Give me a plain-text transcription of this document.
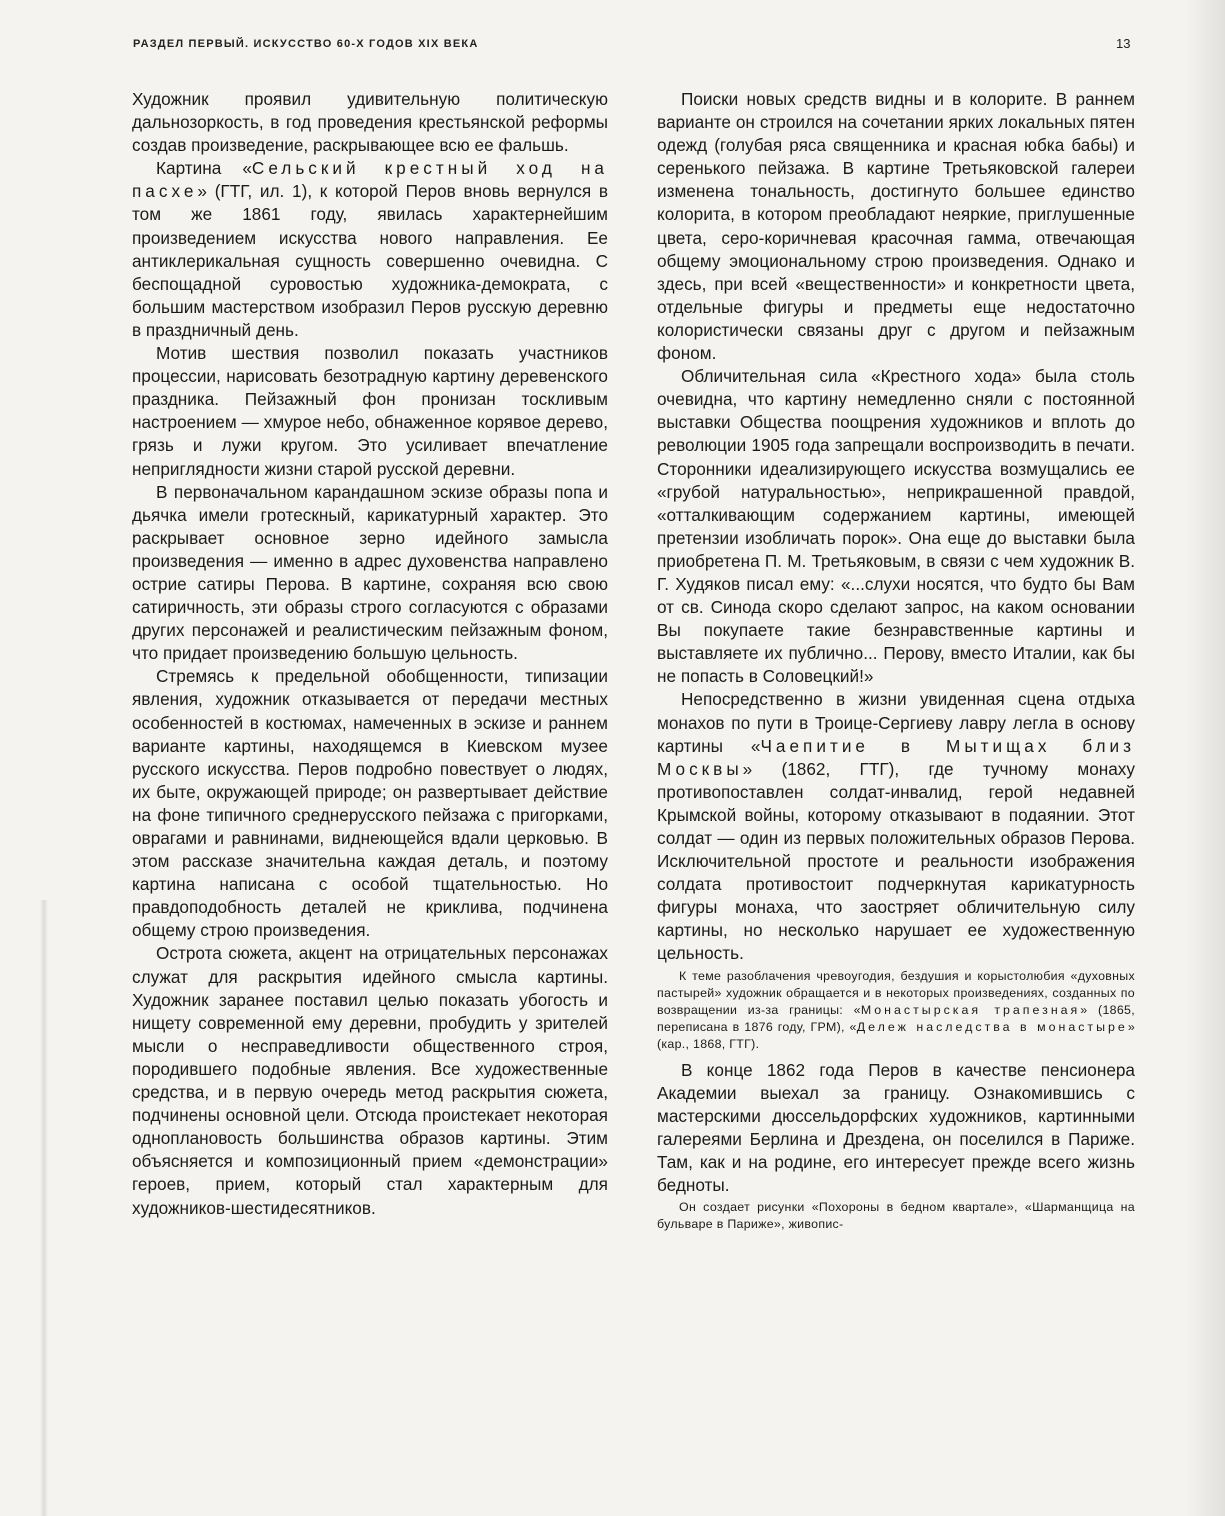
РАЗДЕЛ ПЕРВЫЙ. ИСКУССТВО 60-Х ГОДОВ XIX ВЕКА	13

Художник проявил удивительную политическую дальнозоркость, в год проведения крестьянской реформы создав произведение, раскрывающее всю ее фальшь.

Картина «Сельский крестный ход на пасхе» (ГТГ, ил. 1), к которой Перов вновь вернулся в том же 1861 году, явилась характернейшим произведением искусства нового направления. Ее антиклерикальная сущность совершенно очевидна. С беспощадной суровостью художника-демократа, с большим мастерством изобразил Перов русскую деревню в праздничный день.

Мотив шествия позволил показать участников процессии, нарисовать безотрадную картину деревенского праздника. Пейзажный фон пронизан тоскливым настроением — хмурое небо, обнаженное корявое дерево, грязь и лужи кругом. Это усиливает впечатление неприглядности жизни старой русской деревни.

В первоначальном карандашном эскизе образы попа и дьячка имели гротескный, карикатурный характер. Это раскрывает основное зерно идейного замысла произведения — именно в адрес духовенства направлено острие сатиры Перова. В картине, сохраняя всю свою сатиричность, эти образы строго согласуются с образами других персонажей и реалистическим пейзажным фоном, что придает произведению большую цельность.

Стремясь к предельной обобщенности, типизации явления, художник отказывается от передачи местных особенностей в костюмах, намеченных в эскизе и раннем варианте картины, находящемся в Киевском музее русского искусства. Перов подробно повествует о людях, их быте, окружающей природе; он развертывает действие на фоне типичного среднерусского пейзажа с пригорками, оврагами и равнинами, виднеющейся вдали церковью. В этом рассказе значительна каждая деталь, и поэтому картина написана с особой тщательностью. Но правдоподобность деталей не криклива, подчинена общему строю произведения.

Острота сюжета, акцент на отрицательных персонажах служат для раскрытия идейного смысла картины. Художник заранее поставил целью показать убогость и нищету современной ему деревни, пробудить у зрителей мысли о несправедливости общественного строя, породившего подобные явления. Все художественные средства, и в первую очередь метод раскрытия сюжета, подчинены основной цели. Отсюда проистекает некоторая одноплановость большинства образов картины. Этим объясняется и композиционный прием «демонстрации» героев, прием, который стал характерным для художников-шестидесятников.

Поиски новых средств видны и в колорите. В раннем варианте он строился на сочетании ярких локальных пятен одежд (голубая ряса священника и красная юбка бабы) и серенького пейзажа. В картине Третьяковской галереи изменена тональность, достигнуто большее единство колорита, в котором преобладают неяркие, приглушенные цвета, серо-коричневая красочная гамма, отвечающая общему эмоциональному строю произведения. Однако и здесь, при всей «вещественности» и конкретности цвета, отдельные фигуры и предметы еще недостаточно колористически связаны друг с другом и пейзажным фоном.

Обличительная сила «Крестного хода» была столь очевидна, что картину немедленно сняли с постоянной выставки Общества поощрения художников и вплоть до революции 1905 года запрещали воспроизводить в печати. Сторонники идеализирующего искусства возмущались ее «грубой натуральностью», неприкрашенной правдой, «отталкивающим содержанием картины, имеющей претензии изобличать порок». Она еще до выставки была приобретена П. М. Третьяковым, в связи с чем художник В. Г. Худяков писал ему: «...слухи носятся, что будто бы Вам от св. Синода скоро сделают запрос, на каком основании Вы покупаете такие безнравственные картины и выставляете их публично... Перову, вместо Италии, как бы не попасть в Соловецкий!»

Непосредственно в жизни увиденная сцена отдыха монахов по пути в Троице-Сергиеву лавру легла в основу картины «Чаепитие в Мытищах близ Москвы» (1862, ГТГ), где тучному монаху противопоставлен солдат-инвалид, герой недавней Крымской войны, которому отказывают в подаянии. Этот солдат — один из первых положительных образов Перова. Исключительной простоте и реальности изображения солдата противостоит подчеркнутая карикатурность фигуры монаха, что заостряет обличительную силу картины, но несколько нарушает ее художественную цельность.

К теме разоблачения чревоугодия, бездушия и корыстолюбия «духовных пастырей» художник обращается и в некоторых произведениях, созданных по возвращении из-за границы: «Монастырская трапезная» (1865, переписана в 1876 году, ГРМ), «Дележ наследства в монастыре» (кар., 1868, ГТГ).

В конце 1862 года Перов в качестве пенсионера Академии выехал за границу. Ознакомившись с мастерскими дюссельдорфских художников, картинными галереями Берлина и Дрездена, он поселился в Париже. Там, как и на родине, его интересует прежде всего жизнь бедноты.

Он создает рисунки «Похороны в бедном квартале», «Шарманщица на бульваре в Париже», живопис-
